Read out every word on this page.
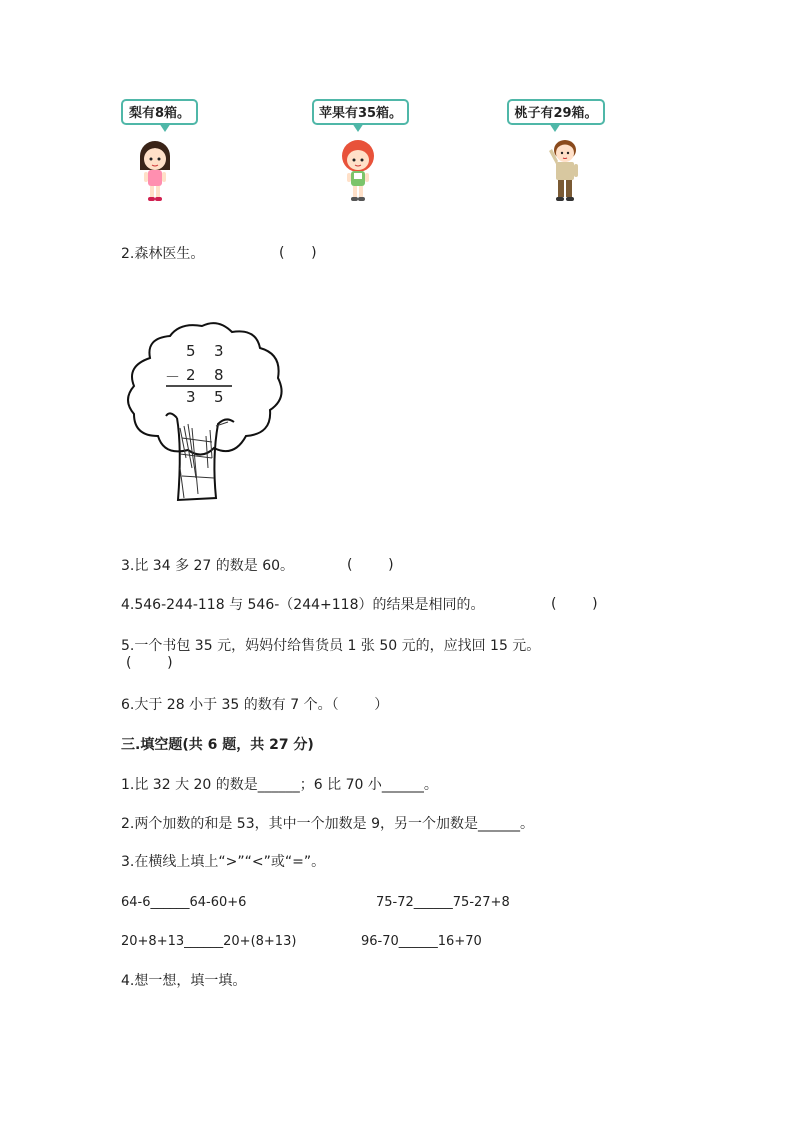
梨有8箱。	苹果有35箱。	桃子有29箱。
2.森林医生。	(      )
5 3
－ 2 8
3 5
3.比 34 多 27 的数是 60。	(        )
4.546-244-118 与 546-（244+118）的结果是相同的。	(        )
5.一个书包 35 元，妈妈付给售货员 1 张 50 元的，应找回 15 元。
(        )
6.大于 28 小于 35 的数有 7 个。（        ）
三.填空题(共 6 题，共 27 分)
1.比 32 大 20 的数是______；6 比 70 小______。
2.两个加数的和是 53，其中一个加数是 9，另一个加数是______。
3.在横线上填上“>”“<”或“=”。
64-6______64-60+6	75-72______75-27+8
20+8+13______20+(8+13)	96-70______16+70
4.想一想，填一填。
